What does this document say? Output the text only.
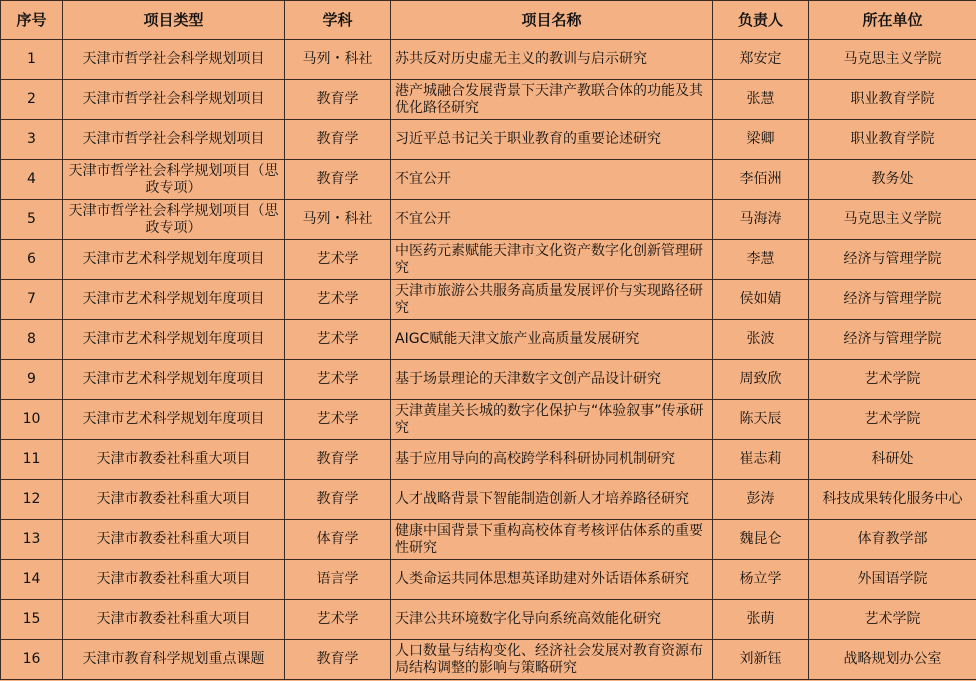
序号	项目类型	学科	项目名称	负责人	所在单位
1	天津市哲学社会科学规划项目	马列・科社	苏共反对历史虚无主义的教训与启示研究	郑安定	马克思主义学院
2	天津市哲学社会科学规划项目	教育学	港产城融合发展背景下天津产教联合体的功能及其优化路径研究	张慧	职业教育学院
3	天津市哲学社会科学规划项目	教育学	习近平总书记关于职业教育的重要论述研究	梁卿	职业教育学院
4	天津市哲学社会科学规划项目（思政专项）	教育学	不宜公开	李佰洲	教务处
5	天津市哲学社会科学规划项目（思政专项）	马列・科社	不宜公开	马海涛	马克思主义学院
6	天津市艺术科学规划年度项目	艺术学	中医药元素赋能天津市文化资产数字化创新管理研究	李慧	经济与管理学院
7	天津市艺术科学规划年度项目	艺术学	天津市旅游公共服务高质量发展评价与实现路径研究	侯如婧	经济与管理学院
8	天津市艺术科学规划年度项目	艺术学	AIGC赋能天津文旅产业高质量发展研究	张波	经济与管理学院
9	天津市艺术科学规划年度项目	艺术学	基于场景理论的天津数字文创产品设计研究	周致欣	艺术学院
10	天津市艺术科学规划年度项目	艺术学	天津黄崖关长城的数字化保护与“体验叙事”传承研究	陈天辰	艺术学院
11	天津市教委社科重大项目	教育学	基于应用导向的高校跨学科科研协同机制研究	崔志莉	科研处
12	天津市教委社科重大项目	教育学	人才战略背景下智能制造创新人才培养路径研究	彭涛	科技成果转化服务中心
13	天津市教委社科重大项目	体育学	健康中国背景下重构高校体育考核评估体系的重要性研究	魏昆仑	体育教学部
14	天津市教委社科重大项目	语言学	人类命运共同体思想英译助建对外话语体系研究	杨立学	外国语学院
15	天津市教委社科重大项目	艺术学	天津公共环境数字化导向系统高效能化研究	张萌	艺术学院
16	天津市教育科学规划重点课题	教育学	人口数量与结构变化、经济社会发展对教育资源布局结构调整的影响与策略研究	刘新钰	战略规划办公室
